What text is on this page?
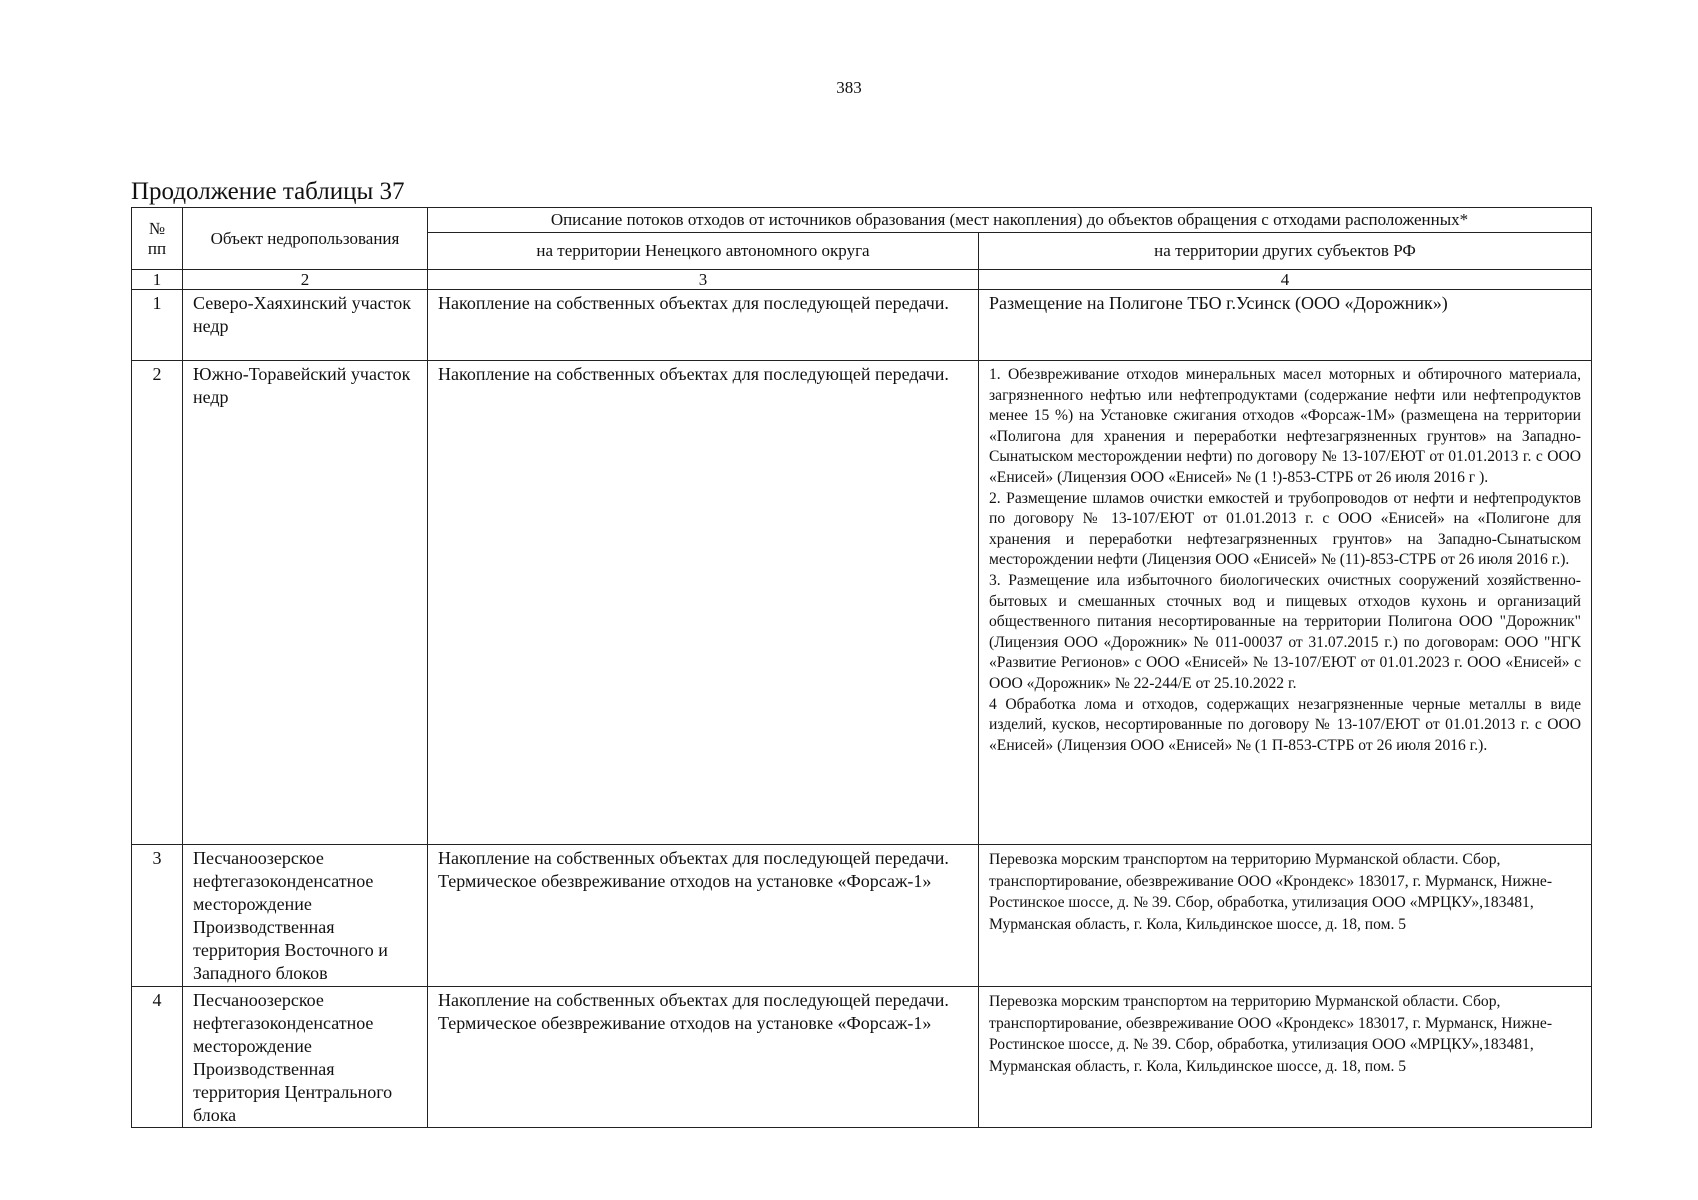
383
Продолжение таблицы 37
№
пп	Объект недропользования	Описание потоков отходов от источников образования (мест накопления) до объектов обращения с отходами расположенных*	
		на территории Ненецкого автономного округа	на территории других субъектов РФ
1	2	3	4
1	Северо-Хаяхинский участок недр	Накопление на собственных объектах для последующей передачи.	Размещение на Полигоне ТБО г.Усинск (ООО «Дорожник»)

2	Южно-Торавейский участок недр	Накопление на собственных объектах для последующей передачи.	1. Обезвреживание отходов минеральных масел моторных и обтирочного материала, загрязненного нефтью или нефтепродуктами (содержание нефти или нефтепродуктов менее 15 %) на Установке сжигания отходов «Форсаж-1М» (размещена на территории «Полигона для хранения и переработки нефтезагрязненных грунтов» на Западно-Сынатыском месторождении нефти) по договору № 13-107/ЕЮТ от 01.01.2013 г. с ООО «Енисей» (Лицензия ООО «Енисей» № (1 !)-853-СТРБ от 26 июля 2016 г ).
2. Размещение шламов очистки емкостей и трубопроводов от нефти и нефтепродуктов по договору № 13-107/ЕЮТ от 01.01.2013 г. с ООО «Енисей» на «Полигоне для хранения и переработки нефтезагрязненных грунтов» на Западно-Сынатыском месторождении нефти (Лицензия ООО «Енисей» № (11)-853-СТРБ от 26 июля 2016 г.).
3. Размещение ила избыточного биологических очистных сооружений хозяйственно-бытовых и смешанных сточных вод и пищевых отходов кухонь и организаций общественного питания несортированные на территории Полигона ООО "Дорожник" (Лицензия ООО «Дорожник» № 011-00037 от 31.07.2015 г.) по договорам: ООО "НГК «Развитие Регионов» с ООО «Енисей» № 13-107/ЕЮТ от 01.01.2023 г. ООО «Енисей» с ООО «Дорожник» № 22-244/Е от 25.10.2022 г.
4 Обработка лома и отходов, содержащих незагрязненные черные металлы в виде изделий, кусков, несортированные по договору № 13-107/ЕЮТ от 01.01.2013 г. с ООО «Енисей» (Лицензия ООО «Енисей» № (1 П-853-СТРБ от 26 июля 2016 г.).

3	Песчаноозерское нефтегазоконденсатное месторождение Производственная территория Восточного и Западного блоков	Накопление на собственных объектах для последующей передачи. Термическое обезвреживание отходов на установке «Форсаж-1»	Перевозка морским транспортом на территорию Мурманской области. Сбор, транспортирование, обезвреживание ООО «Крондекс» 183017, г. Мурманск, Нижне-Ростинское шоссе, д. № 39. Сбор, обработка, утилизация ООО «МРЦКУ»,183481, Мурманская область, г. Кола, Кильдинское шоссе, д. 18, пом. 5

4	Песчаноозерское нефтегазоконденсатное месторождение Производственная территория Центрального блока	Накопление на собственных объектах для последующей передачи. Термическое обезвреживание отходов на установке «Форсаж-1»	Перевозка морским транспортом на территорию Мурманской области. Сбор, транспортирование, обезвреживание ООО «Крондекс» 183017, г. Мурманск, Нижне-Ростинское шоссе, д. № 39. Сбор, обработка, утилизация ООО «МРЦКУ»,183481, Мурманская область, г. Кола, Кильдинское шоссе, д. 18, пом. 5
